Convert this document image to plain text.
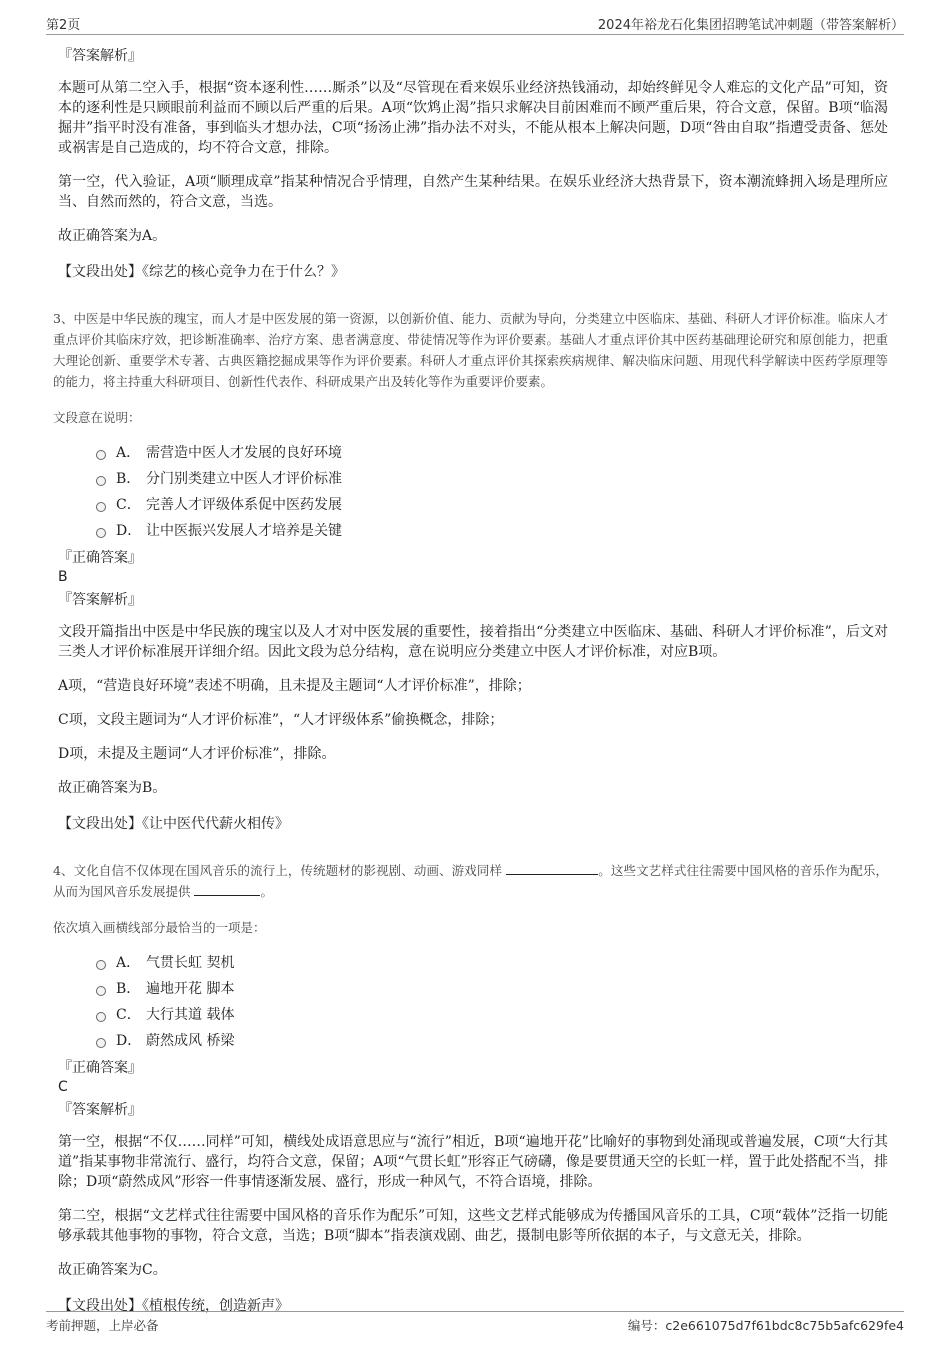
第2页	2024年裕龙石化集团招聘笔试冲刺题（带答案解析）
『答案解析』

本题可从第二空入手，根据“资本逐利性……厮杀”以及“尽管现在看来娱乐业经济热钱涌动，却始终鲜见令人难忘的文化产品”可知，资本的逐利性是只顾眼前利益而不顾以后严重的后果。A项“饮鸩止渴”指只求解决目前困难而不顾严重后果，符合文意，保留。B项“临渴掘井”指平时没有准备，事到临头才想办法，C项“扬汤止沸”指办法不对头，不能从根本上解决问题，D项“咎由自取”指遭受责备、惩处或祸害是自己造成的，均不符合文意，排除。

第一空，代入验证，A项“顺理成章”指某种情况合乎情理，自然产生某种结果。在娱乐业经济大热背景下，资本潮流蜂拥入场是理所应当、自然而然的，符合文意，当选。

故正确答案为A。

【文段出处】《综艺的核心竞争力在于什么？》

3、中医是中华民族的瑰宝，而人才是中医发展的第一资源，以创新价值、能力、贡献为导向，分类建立中医临床、基础、科研人才评价标准。临床人才重点评价其临床疗效，把诊断准确率、治疗方案、患者满意度、带徒情况等作为评价要素。基础人才重点评价其中医药基础理论研究和原创能力，把重大理论创新、重要学术专著、古典医籍挖掘成果等作为评价要素。科研人才重点评价其探索疾病规律、解决临床问题、用现代科学解读中医药学原理等的能力，将主持重大科研项目、创新性代表作、科研成果产出及转化等作为重要评价要素。

文段意在说明：

A． 需营造中医人才发展的良好环境
B． 分门别类建立中医人才评价标准
C． 完善人才评级体系促中医药发展
D． 让中医振兴发展人才培养是关键
『正确答案』
B
『答案解析』

文段开篇指出中医是中华民族的瑰宝以及人才对中医发展的重要性，接着指出“分类建立中医临床、基础、科研人才评价标准”，后文对三类人才评价标准展开详细介绍。因此文段为总分结构，意在说明应分类建立中医人才评价标准，对应B项。

A项，“营造良好环境”表述不明确，且未提及主题词“人才评价标准”，排除；

C项，文段主题词为“人才评价标准”，“人才评级体系”偷换概念，排除；

D项，未提及主题词“人才评价标准”，排除。

故正确答案为B。

【文段出处】《让中医代代薪火相传》

4、文化自信不仅体现在国风音乐的流行上，传统题材的影视剧、动画、游戏同样	。这些文艺样式往往需要中国风格的音乐作为配乐，从而为国风音乐发展提供	。

依次填入画横线部分最恰当的一项是：

A． 气贯长虹 契机
B． 遍地开花 脚本
C． 大行其道 载体
D． 蔚然成风 桥梁
『正确答案』
C
『答案解析』

第一空，根据“不仅……同样”可知，横线处成语意思应与“流行”相近，B项“遍地开花”比喻好的事物到处涌现或普遍发展，C项“大行其道”指某事物非常流行、盛行，均符合文意，保留；A项“气贯长虹”形容正气磅礴，像是要贯通天空的长虹一样，置于此处搭配不当，排除；D项“蔚然成风”形容一件事情逐渐发展、盛行，形成一种风气，不符合语境，排除。

第二空，根据“文艺样式往往需要中国风格的音乐作为配乐”可知，这些文艺样式能够成为传播国风音乐的工具，C项“载体”泛指一切能够承载其他事物的事物，符合文意，当选；B项“脚本”指表演戏剧、曲艺，摄制电影等所依据的本子，与文意无关，排除。

故正确答案为C。

【文段出处】《植根传统，创造新声》

考前押题，上岸必备	编号：c2e661075d7f61bdc8c75b5afc629fe4
